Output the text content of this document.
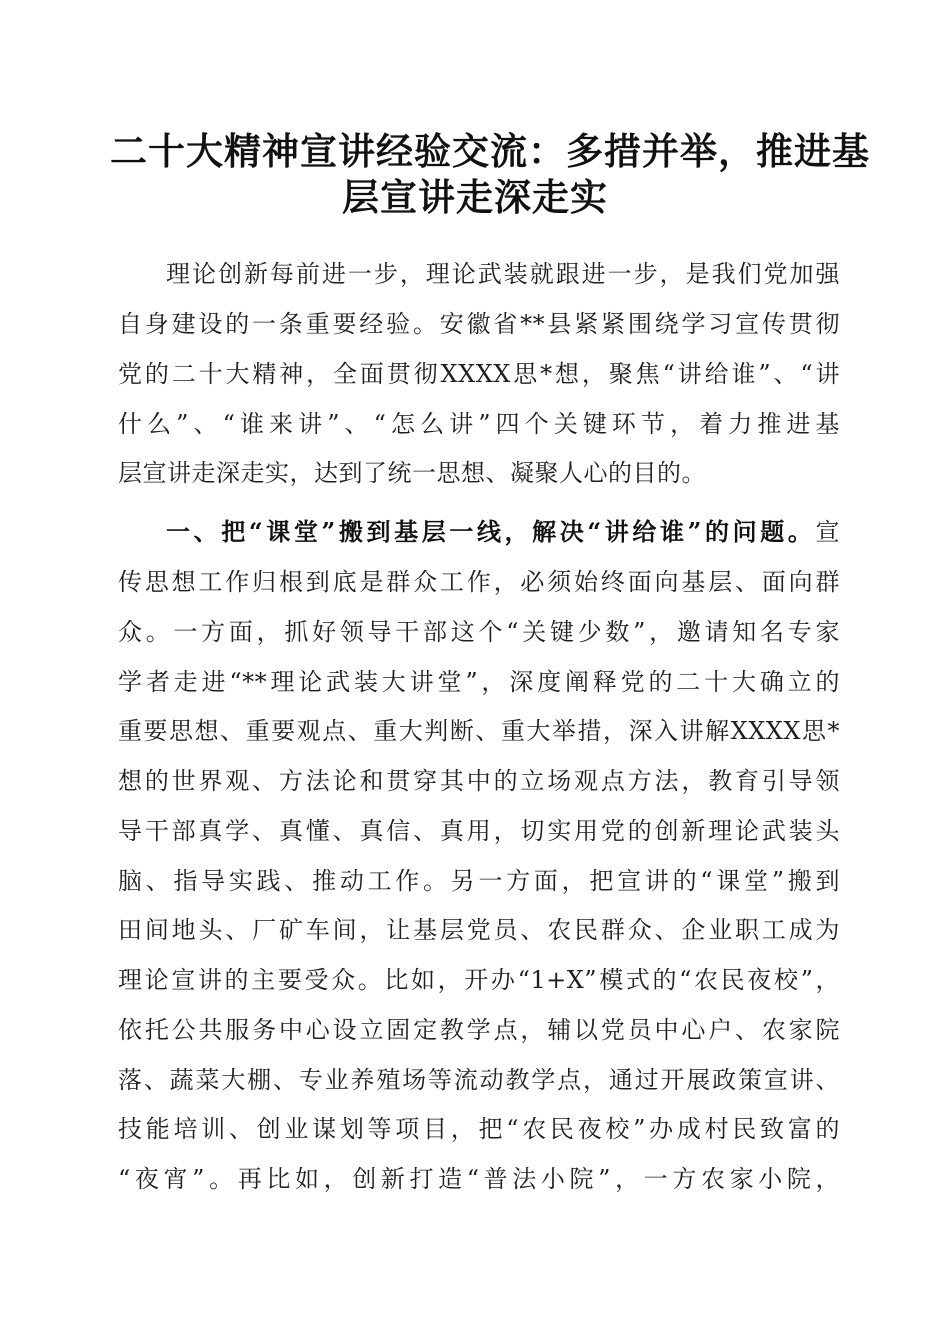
二十大精神宣讲经验交流：多措并举，推进基
层宣讲走深走实
理论创新每前进一步，理论武装就跟进一步，是我们党加强
自身建设的一条重要经验。安徽省**县紧紧围绕学习宣传贯彻
党的二十大精神，全面贯彻XXXX思*想，聚焦“讲给谁”、“讲
什么”、“谁来讲”、“怎么讲”四个关键环节，着力推进基
层宣讲走深走实，达到了统一思想、凝聚人心的目的。
一、把“课堂”搬到基层一线，解决“讲给谁”的问题。宣
传思想工作归根到底是群众工作，必须始终面向基层、面向群
众。一方面，抓好领导干部这个“关键少数”，邀请知名专家
学者走进“**理论武装大讲堂”，深度阐释党的二十大确立的
重要思想、重要观点、重大判断、重大举措，深入讲解XXXX思*
想的世界观、方法论和贯穿其中的立场观点方法，教育引导领
导干部真学、真懂、真信、真用，切实用党的创新理论武装头
脑、指导实践、推动工作。另一方面，把宣讲的“课堂”搬到
田间地头、厂矿车间，让基层党员、农民群众、企业职工成为
理论宣讲的主要受众。比如，开办“1+X”模式的“农民夜校”，
依托公共服务中心设立固定教学点，辅以党员中心户、农家院
落、蔬菜大棚、专业养殖场等流动教学点，通过开展政策宣讲、
技能培训、创业谋划等项目，把“农民夜校”办成村民致富的
“夜宵”。再比如，创新打造“普法小院”，一方农家小院，
